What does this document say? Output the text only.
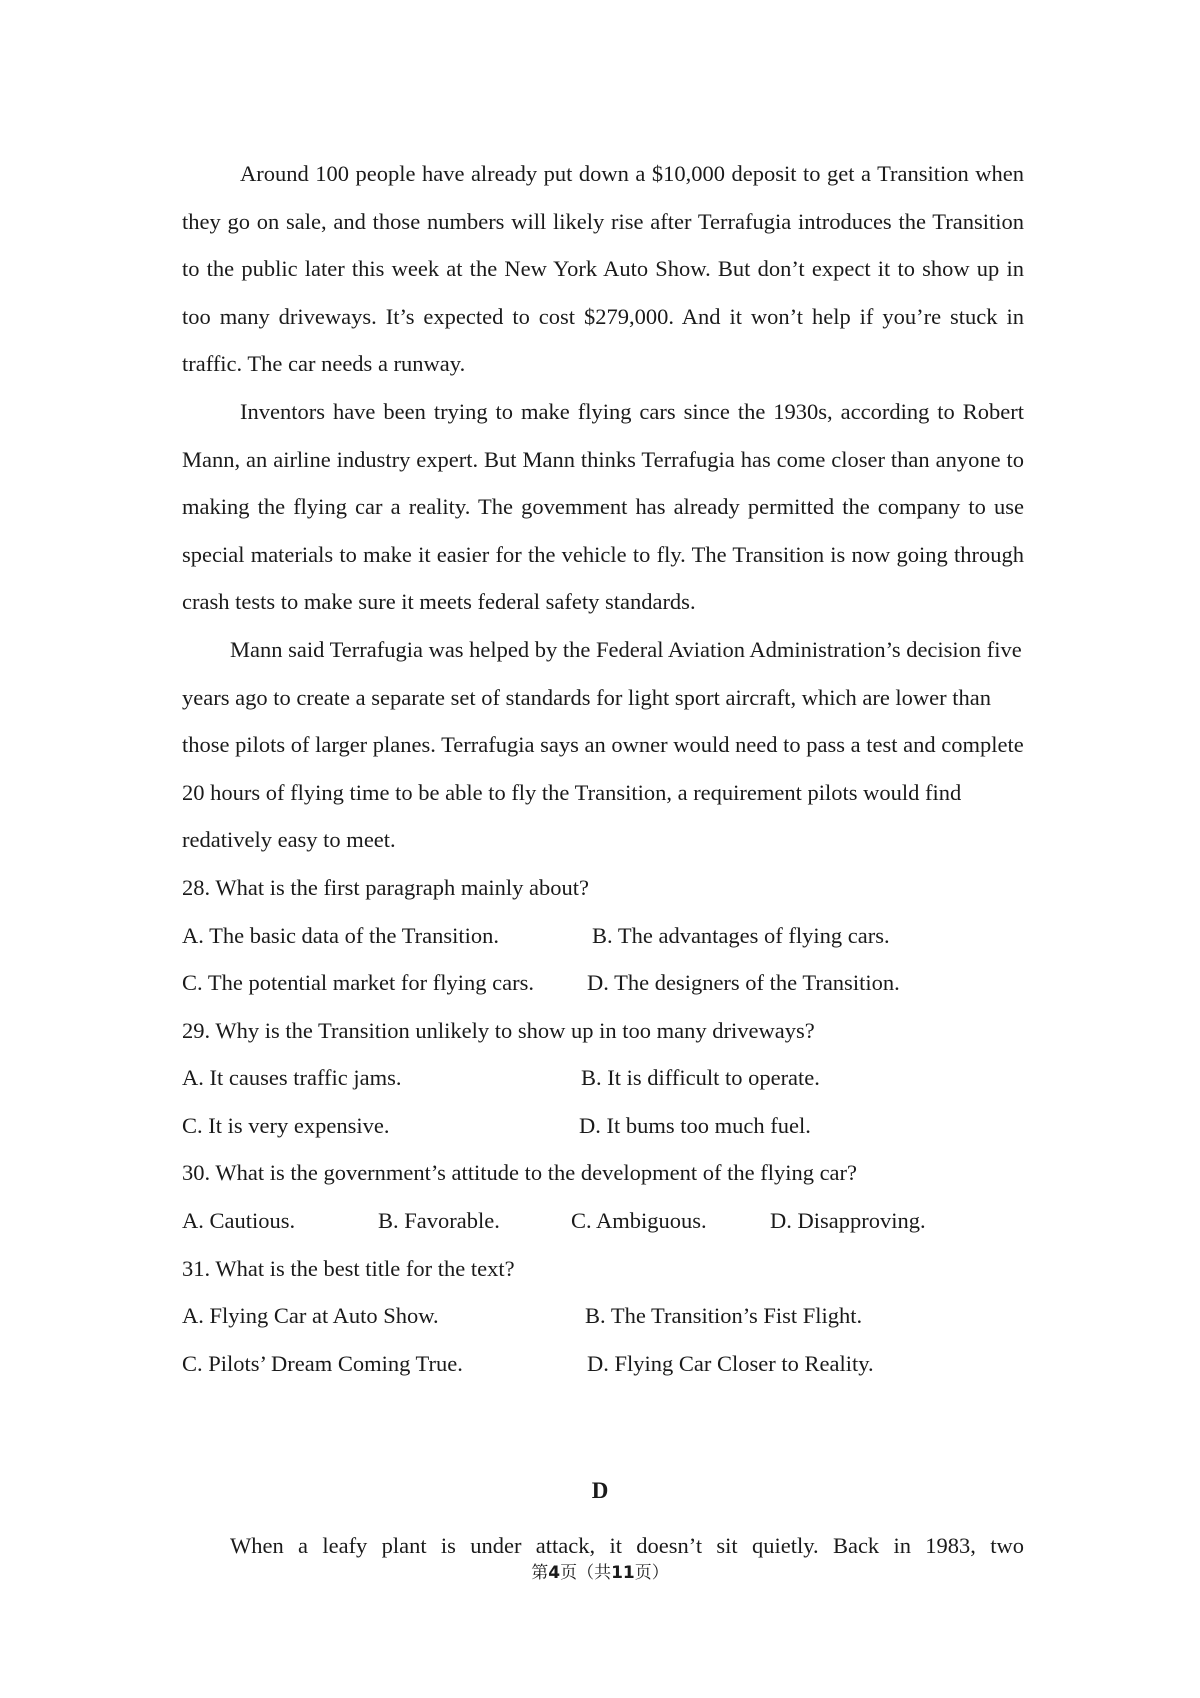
Around 100 people have already put down a $10,000 deposit to get a Transition when they go on sale, and those numbers will likely rise after Terrafugia introduces the Transition to the public later this week at the New York Auto Show. But don’t expect it to show up in too many driveways. It’s expected to cost $279,000. And it won’t help if you’re stuck in traffic. The car needs a runway.

Inventors have been trying to make flying cars since the 1930s, according to Robert Mann, an airline industry expert. But Mann thinks Terrafugia has come closer than anyone to making the flying car a reality. The govemment has already permitted the company to use special materials to make it easier for the vehicle to fly. The Transition is now going through crash tests to make sure it meets federal safety standards.

Mann said Terrafugia was helped by the Federal Aviation Administration’s decision five years ago to create a separate set of standards for light sport aircraft, which are lower than those pilots of larger planes. Terrafugia says an owner would need to pass a test and complete 20 hours of flying time to be able to fly the Transition, a requirement pilots would find redatively easy to meet.

28. What is the first paragraph mainly about?

A. The basic data of the Transition.	B. The advantages of flying cars.
C. The potential market for flying cars.	D. The designers of the Transition.

29. Why is the Transition unlikely to show up in too many driveways?

A. It causes traffic jams.	B. It is difficult to operate.
C. It is very expensive.	D. It bums too much fuel.

30. What is the government’s attitude to the development of the flying car?

A. Cautious.	B. Favorable.	C. Ambiguous.	D. Disapproving.

31. What is the best title for the text?

A. Flying Car at Auto Show.	B. The Transition’s Fist Flight.
C. Pilots’ Dream Coming True.	D. Flying Car Closer to Reality.
D

When a leafy plant is under attack, it doesn’t sit quietly. Back in 1983, two

第4页（共11页）
